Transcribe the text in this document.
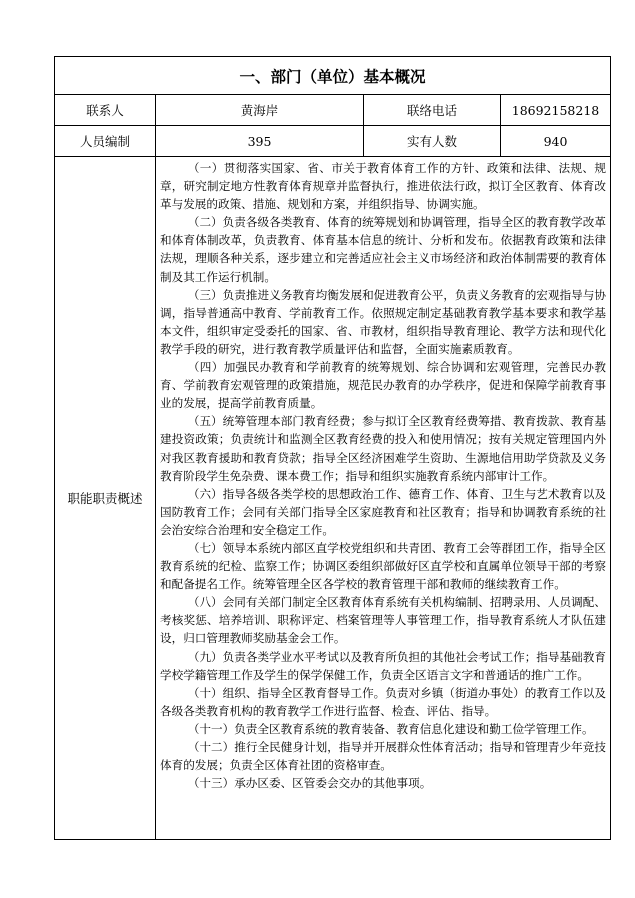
一、部门（单位）基本概况
联系人	黄海岸	联络电话	18692158218
人员编制	395	实有人数	940
职能职责概述

（一）贯彻落实国家、省、市关于教育体育工作的方针、政策和法律、法规、规章，研究制定地方性教育体育规章并监督执行，推进依法行政，拟订全区教育、体育改革与发展的政策、措施、规划和方案，并组织指导、协调实施。

（二）负责各级各类教育、体育的统筹规划和协调管理，指导全区的教育教学改革和体育体制改革，负责教育、体育基本信息的统计、分析和发布。依据教育政策和法律法规，理顺各种关系，逐步建立和完善适应社会主义市场经济和政治体制需要的教育体制及其工作运行机制。

（三）负责推进义务教育均衡发展和促进教育公平，负责义务教育的宏观指导与协调，指导普通高中教育、学前教育工作。依照规定制定基础教育教学基本要求和教学基本文件，组织审定受委托的国家、省、市教材，组织指导教育理论、教学方法和现代化教学手段的研究，进行教育教学质量评估和监督，全面实施素质教育。

（四）加强民办教育和学前教育的统筹规划、综合协调和宏观管理，完善民办教育、学前教育宏观管理的政策措施，规范民办教育的办学秩序，促进和保障学前教育事业的发展，提高学前教育质量。

（五）统筹管理本部门教育经费；参与拟订全区教育经费筹措、教育拨款、教育基建投资政策；负责统计和监测全区教育经费的投入和使用情况；按有关规定管理国内外对我区教育援助和教育贷款；指导全区经济困难学生资助、生源地信用助学贷款及义务教育阶段学生免杂费、课本费工作；指导和组织实施教育系统内部审计工作。

（六）指导各级各类学校的思想政治工作、德育工作、体育、卫生与艺术教育以及国防教育工作；会同有关部门指导全区家庭教育和社区教育；指导和协调教育系统的社会治安综合治理和安全稳定工作。

（七）领导本系统内部区直学校党组织和共青团、教育工会等群团工作，指导全区教育系统的纪检、监察工作；协调区委组织部做好区直学校和直属单位领导干部的考察和配备提名工作。统筹管理全区各学校的教育管理干部和教师的继续教育工作。

（八）会同有关部门制定全区教育体育系统有关机构编制、招聘录用、人员调配、考核奖惩、培养培训、职称评定、档案管理等人事管理工作，指导教育系统人才队伍建设，归口管理教师奖励基金会工作。

（九）负责各类学业水平考试以及教育所负担的其他社会考试工作；指导基础教育学校学籍管理工作及学生的保学保健工作，负责全区语言文字和普通话的推广工作。

（十）组织、指导全区教育督导工作。负责对乡镇（街道办事处）的教育工作以及各级各类教育机构的教育教学工作进行监督、检查、评估、指导。

（十一）负责全区教育系统的教育装备、教育信息化建设和勤工俭学管理工作。

（十二）推行全民健身计划，指导并开展群众性体育活动；指导和管理青少年竞技体育的发展；负责全区体育社团的资格审查。

（十三）承办区委、区管委会交办的其他事项。
